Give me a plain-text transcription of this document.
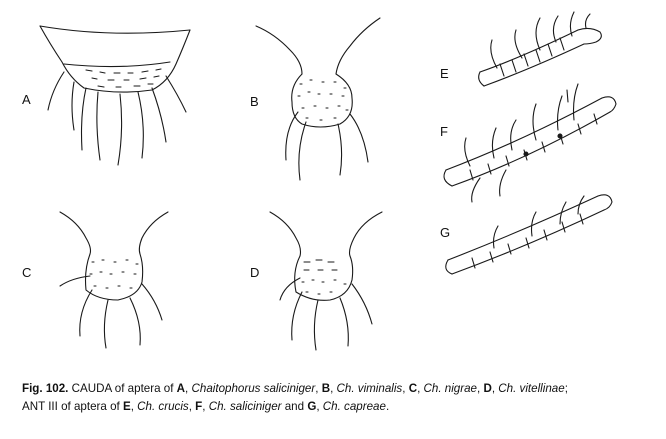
A	B
C	D
E
F
G
Fig. 102. CAUDA of aptera of A, Chaitophorus saliciniger, B, Ch. viminalis, C, Ch. nigrae, D, Ch. vitellinae;
ANT III of aptera of E, Ch. crucis, F, Ch. saliciniger and G, Ch. capreae.
